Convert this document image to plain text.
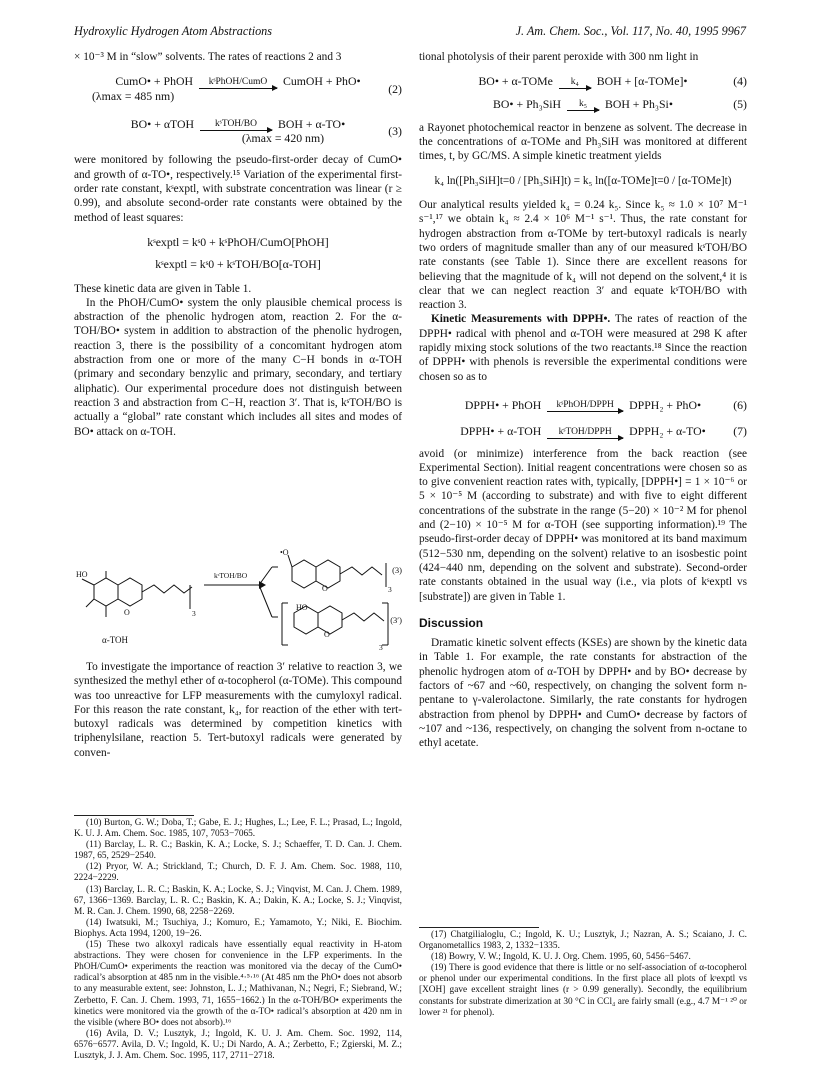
Hydroxylic Hydrogen Atom Abstractions	J. Am. Chem. Soc., Vol. 117, No. 40, 1995 9967

× 10⁻³ M in “slow” solvents. The rates of reactions 2 and 3

CumO• + PhOH	kˢPhOH/CumO	CumOH + PhO•
(λmax = 485 nm)
(2)
BO• + αTOH	kˢTOH/BO	BOH + α-TO•
(λmax = 420 nm)
(3)

were monitored by following the pseudo-first-order decay of CumO• and growth of α-TO•, respectively.¹⁵ Variation of the experimental first-order rate constant, kˢexptl, with substrate concentration was linear (r ≥ 0.99), and absolute second-order rate constants were obtained by the method of least squares:

kˢexptl = kˢ0 + kˢPhOH/CumO[PhOH]
kˢexptl = kˢ0 + kˢTOH/BO[α-TOH]

These kinetic data are given in Table 1.

In the PhOH/CumO• system the only plausible chemical process is abstraction of the phenolic hydrogen atom, reaction 2. For the α-TOH/BO• system in addition to abstraction of the phenolic hydrogen, reaction 3, there is the possibility of a concomitant hydrogen atom abstraction from one or more of the many C−H bonds in α-TOH (primary and secondary benzylic and primary, secondary, and tertiary aliphatic). Our experimental procedure does not distinguish between reaction 3 and abstraction from C−H, reaction 3′. That is, kˢTOH/BO is actually a “global” rate constant which includes all sites and modes of BO• attack on α-TOH.

HO
O
•O
HO
O
O
α-TOH
kˢTOH/BO
(3)
(3′)
3
3
3

To investigate the importance of reaction 3′ relative to reaction 3, we synthesized the methyl ether of α-tocopherol (α-TOMe). This compound was too unreactive for LFP measurements with the cumyloxyl radical. For this reason the rate constant, k₄, for reaction of the ether with tert-butoxyl radicals was determined by competition kinetics with triphenylsilane, reaction 5. Tert-butoxyl radicals were generated by conven-

(10) Burton, G. W.; Doba, T.; Gabe, E. J.; Hughes, L.; Lee, F. L.; Prasad, L.; Ingold, K. U. J. Am. Chem. Soc. 1985, 107, 7053−7065.

(11) Barclay, L. R. C.; Baskin, K. A.; Locke, S. J.; Schaeffer, T. D. Can. J. Chem. 1987, 65, 2529−2540.

(12) Pryor, W. A.; Strickland, T.; Church, D. F. J. Am. Chem. Soc. 1988, 110, 2224−2229.

(13) Barclay, L. R. C.; Baskin, K. A.; Locke, S. J.; Vinqvist, M. Can. J. Chem. 1989, 67, 1366−1369. Barclay, L. R. C.; Baskin, K. A.; Dakin, K. A.; Locke, S. J.; Vinqvist, M. R. Can. J. Chem. 1990, 68, 2258−2269.

(14) Iwatsuki, M.; Tsuchiya, J.; Komuro, E.; Yamamoto, Y.; Niki, E. Biochim. Biophys. Acta 1994, 1200, 19−26.

(15) These two alkoxyl radicals have essentially equal reactivity in H-atom abstractions. They were chosen for convenience in the LFP experiments. In the PhOH/CumO• experiments the reaction was monitored via the decay of the CumO• radical’s absorption at 485 nm in the visible.⁴·⁵·¹⁶ (At 485 nm the PhO• does not absorb to any measurable extent, see: Johnston, L. J.; Mathivanan, N.; Negri, F.; Siebrand, W.; Zerbetto, F. Can. J. Chem. 1993, 71, 1655−1662.) In the α-TOH/BO• experiments the kinetics were monitored via the growth of the α-TO• radical’s absorption at 420 nm in the visible (where BO• does not absorb).¹⁶

(16) Avila, D. V.; Lusztyk, J.; Ingold, K. U. J. Am. Chem. Soc. 1992, 114, 6576−6577. Avila, D. V.; Ingold, K. U.; Di Nardo, A. A.; Zerbetto, F.; Zgierski, M. Z.; Lusztyk, J. J. Am. Chem. Soc. 1995, 117, 2711−2718.

tional photolysis of their parent peroxide with 300 nm light in

BO• + α-TOMe	k₄	BOH + [α-TOMe]•	(4)
BO• + Ph₃SiH	k₅	BOH + Ph₃Si•	(5)

a Rayonet photochemical reactor in benzene as solvent. The decrease in the concentrations of α-TOMe and Ph₃SiH was monitored at different times, t, by GC/MS. A simple kinetic treatment yields

k₄ ln([Ph₃SiH]t=0 / [Ph₃SiH]t) = k₅ ln([α-TOMe]t=0 / [α-TOMe]t)

Our analytical results yielded k₄ = 0.24 k₅. Since k₅ ≈ 1.0 × 10⁷ M⁻¹ s⁻¹,¹⁷ we obtain k₄ ≈ 2.4 × 10⁶ M⁻¹ s⁻¹. Thus, the rate constant for hydrogen abstraction from α-TOMe by tert-butoxyl radicals is nearly two orders of magnitude smaller than any of our measured kˢTOH/BO rate constants (see Table 1). Since there are excellent reasons for believing that the magnitude of k₄ will not depend on the solvent,⁴ it is clear that we can neglect reaction 3′ and equate kˢTOH/BO with reaction 3.

Kinetic Measurements with DPPH•. The rates of reaction of the DPPH• radical with phenol and α-TOH were measured at 298 K after rapidly mixing stock solutions of the two reactants.¹⁸ Since the reaction of DPPH• with phenols is reversible the experimental conditions were chosen so as to

DPPH• + PhOH	kˢPhOH/DPPH	DPPH₂ + PhO•	(6)
DPPH• + α-TOH	kˢTOH/DPPH	DPPH₂ + α-TO•	(7)

avoid (or minimize) interference from the back reaction (see Experimental Section). Initial reagent concentrations were chosen so as to give convenient reaction rates with, typically, [DPPH•] = 1 × 10⁻⁶ or 5 × 10⁻⁵ M (according to substrate) and with five to eight different concentrations of the substrate in the range (5−20) × 10⁻² M for phenol and (2−10) × 10⁻⁵ M for α-TOH (see supporting information).¹⁹ The pseudo-first-order decay of DPPH• was monitored at its band maximum (512−530 nm, depending on the solvent) relative to an isosbestic point (424−440 nm, depending on the solvent and substrate). Second-order rate constants obtained in the usual way (i.e., via plots of kˢexptl vs [substrate]) are given in Table 1.

Discussion

Dramatic kinetic solvent effects (KSEs) are shown by the kinetic data in Table 1. For example, the rate constants for abstraction of the phenolic hydrogen atom of α-TOH by DPPH• and by BO• decrease by factors of ~67 and ~60, respectively, on changing the solvent form n-pentane to γ-valerolactone. Similarly, the rate constants for hydrogen abstraction from phenol by DPPH• and CumO• decrease by factors of ~107 and ~136, respectively, on changing the solvent from n-octane to ethyl acetate.

(17) Chatgilialoglu, C.; Ingold, K. U.; Lusztyk, J.; Nazran, A. S.; Scaiano, J. C. Organometallics 1983, 2, 1332−1335.

(18) Bowry, V. W.; Ingold, K. U. J. Org. Chem. 1995, 60, 5456−5467.

(19) There is good evidence that there is little or no self-association of α-tocopherol or phenol under our experimental conditions. In the first place all plots of kˢexptl vs [XOH] gave excellent straight lines (r > 0.99 generally). Secondly, the equilibrium constants for substrate dimerization at 30 °C in CCl₄ are fairly small (e.g., 4.7 M⁻¹ ²⁰ or lower ²¹ for phenol).
